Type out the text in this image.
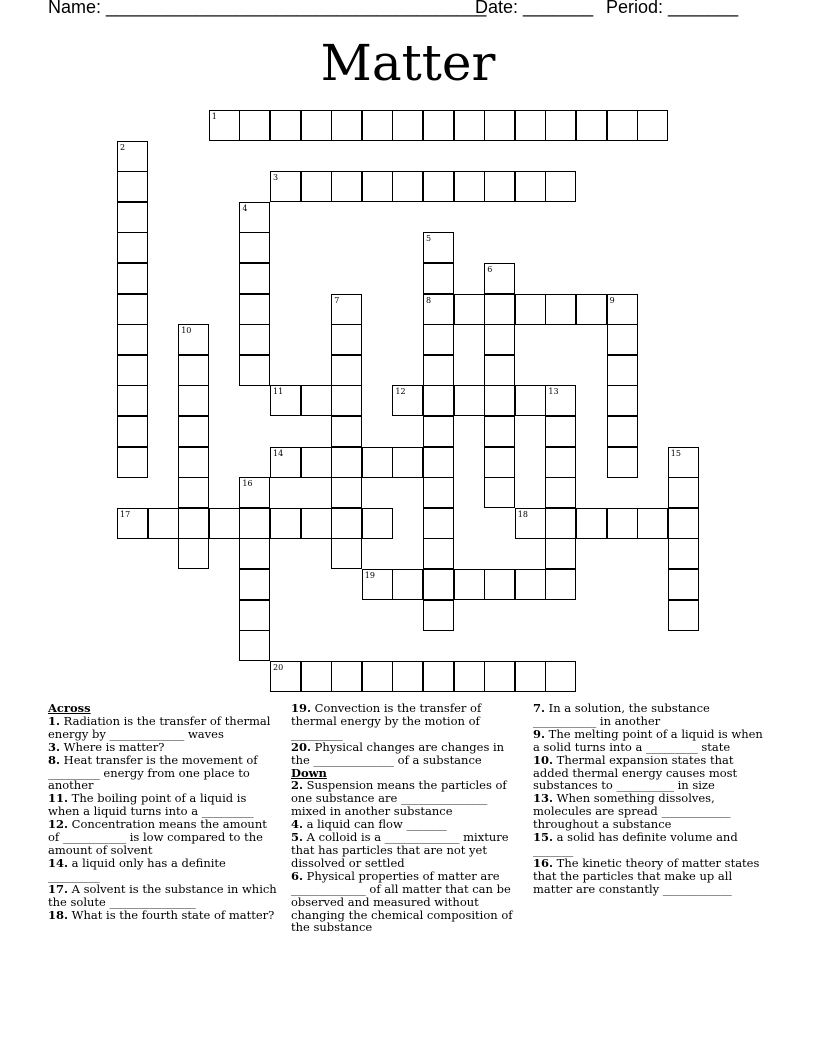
Name: ______________________________________
Date: _______ Period: _______
Matter
1
2
3
4
5
8
6
7	9
10
11	12	13
14	15
16
17	18
19
20

Across

1. Radiation is the transfer of thermal energy by _____________ waves

3. Where is matter?

8. Heat transfer is the movement of _________ energy from one place to another

11. The boiling point of a liquid is when a liquid turns into a _________

12. Concentration means the amount of ___________ is low compared to the amount of solvent

14. a liquid only has a definite _________

17. A solvent is the substance in which the solute _______________

18. What is the fourth state of matter?

19. Convection is the transfer of thermal energy by the motion of _________

20. Physical changes are changes in the ______________ of a substance

Down

2. Suspension means the particles of one substance are _______________ mixed in another substance

4. a liquid can flow _______

5. A colloid is a _____________ mixture that has particles that are not yet dissolved or settled

6. Physical properties of matter are _____________ of all matter that can be observed and measured without changing the chemical composition of the substance

7. In a solution, the substance ___________ in another

9. The melting point of a liquid is when a solid turns into a _________ state

10. Thermal expansion states that added thermal energy causes most substances to __________ in size

13. When something dissolves, molecules are spread ____________ throughout a substance

15. a solid has definite volume and _______

16. The kinetic theory of matter states that the particles that make up all matter are constantly ____________
